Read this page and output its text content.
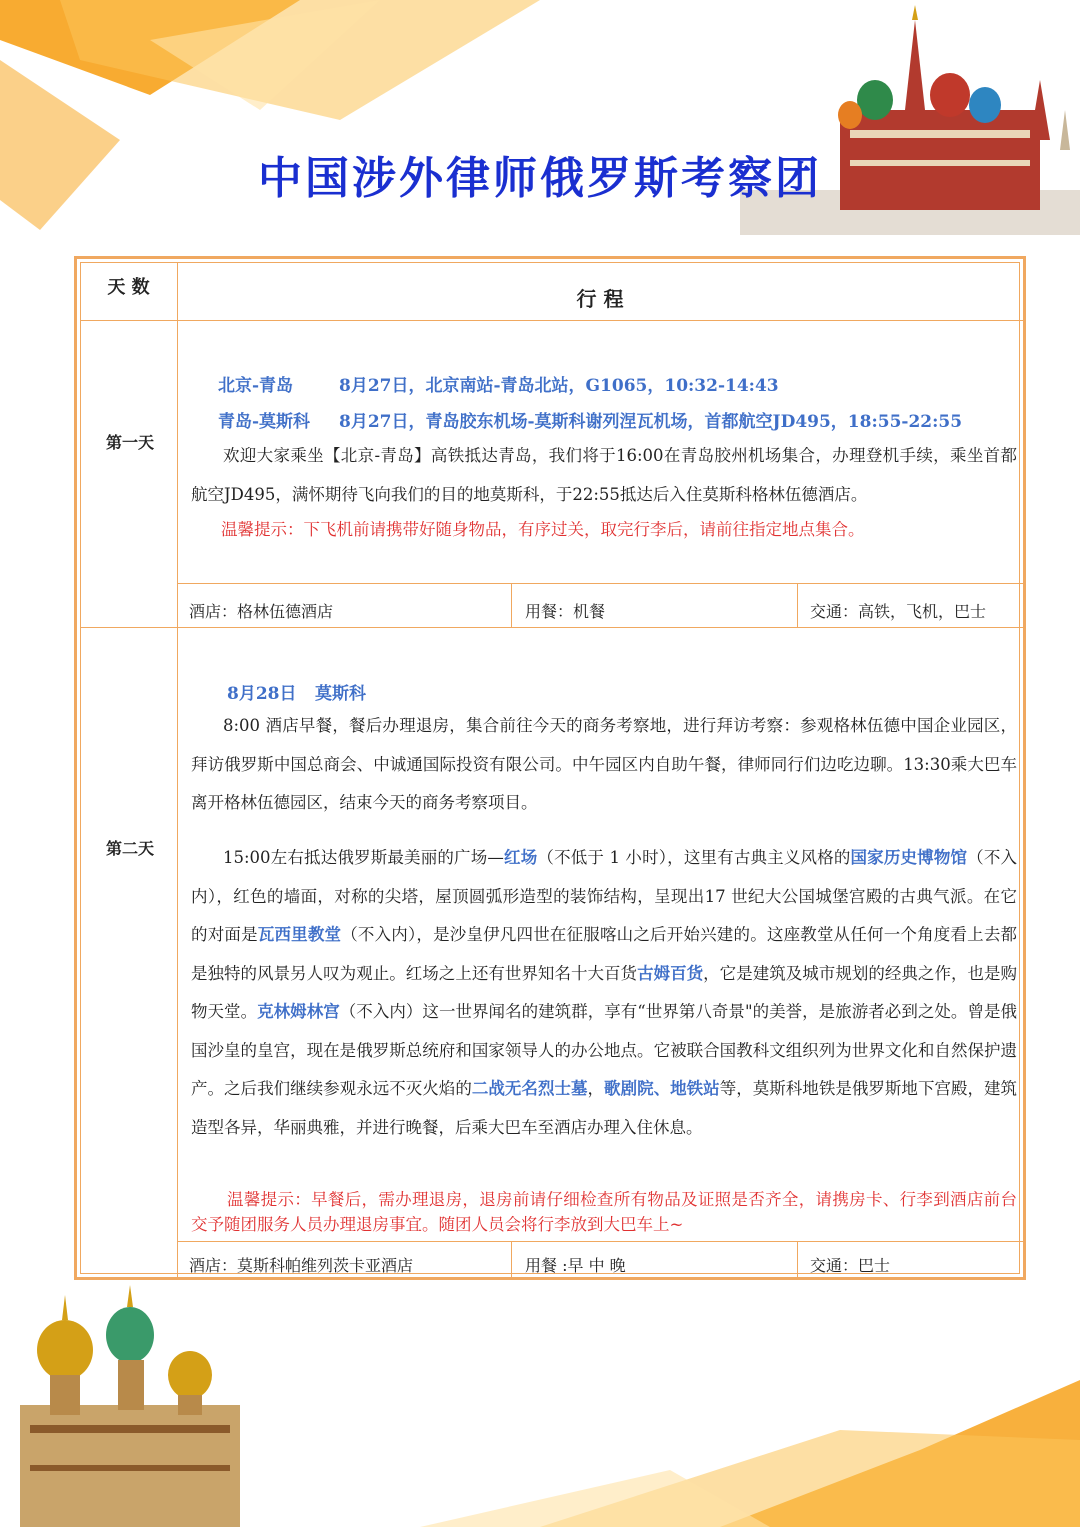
中国涉外律师俄罗斯考察团
天 数	行 程
第一天
北京-青岛	8月27日，北京南站-青岛北站，G1065，10:32-14:43
青岛-莫斯科 8月27日，青岛胶东机场-莫斯科谢列涅瓦机场，首都航空JD495，18:55-22:55
欢迎大家乘坐【北京-青岛】高铁抵达青岛，我们将于16:00在青岛胶州机场集合，办理登机手续，乘坐首都航空JD495，满怀期待飞向我们的目的地莫斯科，于22:55抵达后入住莫斯科格林伍德酒店。
温馨提示：下飞机前请携带好随身物品，有序过关，取完行李后，请前往指定地点集合。
酒店：格林伍德酒店	用餐：机餐	交通：高铁，飞机，巴士
第二天
8月28日 莫斯科
8:00 酒店早餐，餐后办理退房，集合前往今天的商务考察地，进行拜访考察：参观格林伍德中国企业园区，拜访俄罗斯中国总商会、中诚通国际投资有限公司。中午园区内自助午餐，律师同行们边吃边聊。13:30乘大巴车离开格林伍德园区，结束今天的商务考察项目。
15:00左右抵达俄罗斯最美丽的广场—红场（不低于 1 小时），这里有古典主义风格的国家历史博物馆（不入内），红色的墙面，对称的尖塔，屋顶圆弧形造型的装饰结构，呈现出17 世纪大公国城堡宫殿的古典气派。在它的对面是瓦西里教堂（不入内），是沙皇伊凡四世在征服喀山之后开始兴建的。这座教堂从任何一个角度看上去都是独特的风景另人叹为观止。红场之上还有世界知名十大百货古姆百货，它是建筑及城市规划的经典之作，也是购物天堂。克林姆林宫（不入内）这一世界闻名的建筑群，享有“世界第八奇景"的美誉，是旅游者必到之处。曾是俄国沙皇的皇宫，现在是俄罗斯总统府和国家领导人的办公地点。它被联合国教科文组织列为世界文化和自然保护遗产。之后我们继续参观永远不灭火焰的二战无名烈士墓，歌剧院、地铁站等，莫斯科地铁是俄罗斯地下宫殿，建筑造型各异，华丽典雅，并进行晚餐，后乘大巴车至酒店办理入住休息。
温馨提示：早餐后，需办理退房，退房前请仔细检查所有物品及证照是否齐全，请携房卡、行李到酒店前台交予随团服务人员办理退房事宜。随团人员会将行李放到大巴车上~
酒店：莫斯科帕维列茨卡亚酒店	用餐 :早 中 晚	交通：巴士
